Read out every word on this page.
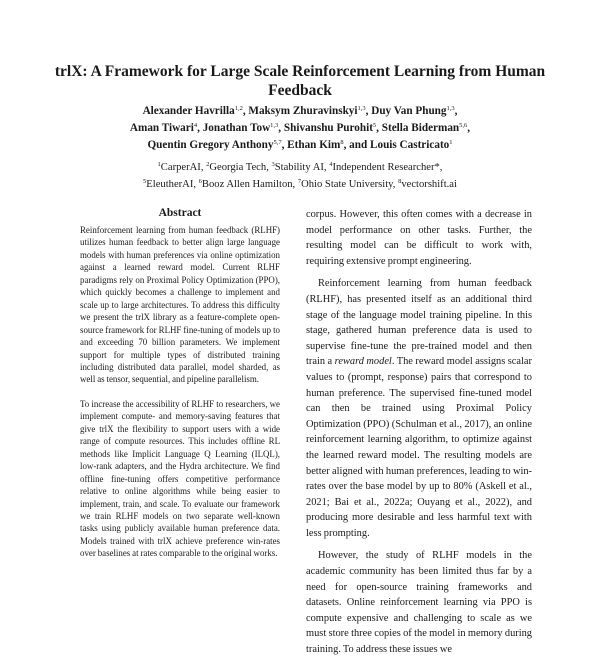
trlX: A Framework for Large Scale Reinforcement Learning from Human Feedback
Alexander Havrilla$^{1,2}$, Maksym Zhuravinskyi$^{1,3}$, Duy Van Phung$^{1,3}$,
Aman Tiwari$^4$, Jonathan Tow$^{1,3}$, Shivanshu Purohit$^5$, Stella Biderman$^{5,6}$,
Quentin Gregory Anthony$^{5,7}$, Ethan Kim$^8$, and Louis Castricato$^1$
$^1$CarperAI, $^2$Georgia Tech, $^3$Stability AI, $^4$Independent Researcher*,
$^5$EleutherAI, $^6$Booz Allen Hamilton, $^7$Ohio State University, $^8$vectorshift.ai
Abstract

Reinforcement learning from human feedback (RLHF) utilizes human feedback to better align large language models with human preferences via online optimization against a learned reward model. Current RLHF paradigms rely on Proximal Policy Optimization (PPO), which quickly becomes a challenge to implement and scale up to large architectures. To address this difficulty we present the trlX library as a feature-complete open-source framework for RLHF fine-tuning of models up to and exceeding 70 billion parameters. We implement support for multiple types of distributed training including distributed data parallel, model sharded, as well as tensor, sequential, and pipeline parallelism.

To increase the accessibility of RLHF to researchers, we implement compute- and memory-saving features that give trlX the flexibility to support users with a wide range of compute resources. This includes offline RL methods like Implicit Language Q Learning (ILQL), low-rank adapters, and the Hydra architecture. We find offline fine-tuning offers competitive performance relative to online algorithms while being easier to implement, train, and scale. To evaluate our framework we train RLHF models on two separate well-known tasks using publicly available human preference data. Models trained with trlX achieve preference win-rates over baselines at rates comparable to the original works.

corpus. However, this often comes with a decrease in model performance on other tasks. Further, the resulting model can be difficult to work with, requiring extensive prompt engineering.

Reinforcement learning from human feedback (RLHF), has presented itself as an additional third stage of the language model training pipeline. In this stage, gathered human preference data is used to supervise fine-tune the pre-trained model and then train a reward model. The reward model assigns scalar values to (prompt, response) pairs that correspond to human preference. The supervised fine-tuned model can then be trained using Proximal Policy Optimization (PPO) (Schulman et al., 2017), an online reinforcement learning algorithm, to optimize against the learned reward model. The resulting models are better aligned with human preferences, leading to win-rates over the base model by up to 80% (Askell et al., 2021; Bai et al., 2022a; Ouyang et al., 2022), and producing more desirable and less harmful text with less prompting.

However, the study of RLHF models in the academic community has been limited thus far by a need for open-source training frameworks and datasets. Online reinforcement learning via PPO is compute expensive and challenging to scale as we must store three copies of the model in memory during training. To address these issues we
